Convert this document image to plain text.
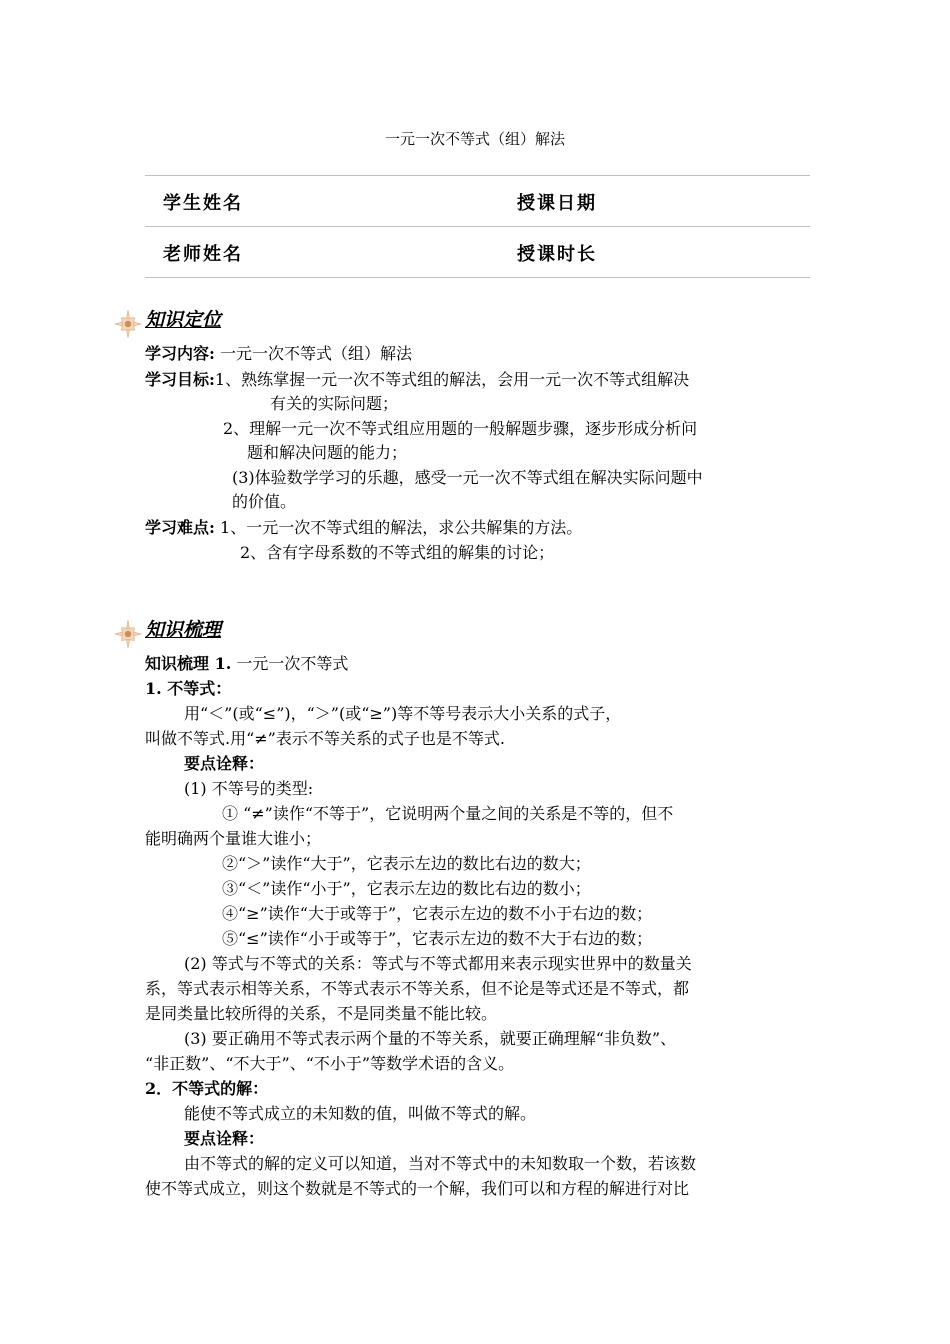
一元一次不等式（组）解法
学生姓名	授课日期
老师姓名	授课时长
知识定位
学习内容: 一元一次不等式（组）解法
学习目标:1、熟练掌握一元一次不等式组的解法，会用一元一次不等式组解决
有关的实际问题；
2、理解一元一次不等式组应用题的一般解题步骤，逐步形成分析问
题和解决问题的能力；
(3)体验数学学习的乐趣，感受一元一次不等式组在解决实际问题中
的价值。
学习难点: 1、一元一次不等式组的解法，求公共解集的方法。
2、含有字母系数的不等式组的解集的讨论；
知识梳理
知识梳理 1. 一元一次不等式
1. 不等式：
用“＜”(或“≤”)，“＞”(或“≥”)等不等号表示大小关系的式子，
叫做不等式.用“≠”表示不等关系的式子也是不等式.
要点诠释：
(1) 不等号的类型:
① “≠”读作“不等于”，它说明两个量之间的关系是不等的，但不
能明确两个量谁大谁小；
②“＞”读作“大于”，它表示左边的数比右边的数大；
③“＜”读作“小于”，它表示左边的数比右边的数小；
④“≥”读作“大于或等于”，它表示左边的数不小于右边的数；
⑤“≤”读作“小于或等于”，它表示左边的数不大于右边的数；
(2) 等式与不等式的关系：等式与不等式都用来表示现实世界中的数量关
系，等式表示相等关系，不等式表示不等关系，但不论是等式还是不等式，都
是同类量比较所得的关系，不是同类量不能比较。
(3) 要正确用不等式表示两个量的不等关系，就要正确理解“非负数”、
“非正数”、“不大于”、“不小于”等数学术语的含义。
2．不等式的解：
能使不等式成立的未知数的值，叫做不等式的解。
要点诠释：
由不等式的解的定义可以知道，当对不等式中的未知数取一个数，若该数
使不等式成立，则这个数就是不等式的一个解，我们可以和方程的解进行对比
